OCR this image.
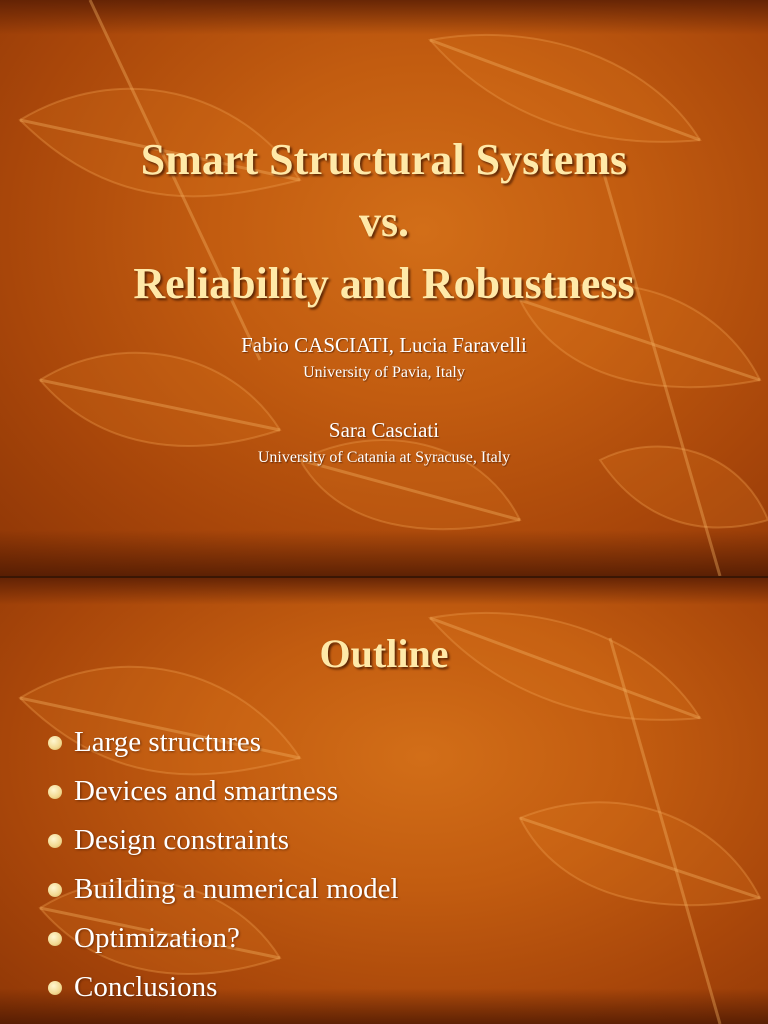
Smart Structural Systems
vs.
Reliability and Robustness
Fabio CASCIATI, Lucia Faravelli
University of Pavia, Italy
Sara Casciati
University of Catania at Syracuse, Italy
Outline
Large structures
Devices and smartness
Design constraints
Building a numerical model
Optimization?
Conclusions
